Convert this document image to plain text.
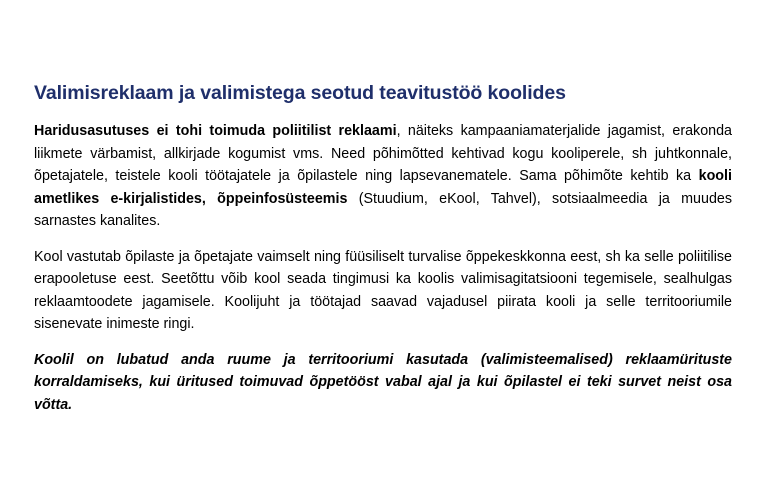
Valimisreklaam ja valimistega seotud teavitustöö koolides

Haridusasutuses ei tohi toimuda poliitilist reklaami, näiteks kampaaniamaterjalide jagamist, erakonda liikmete värbamist, allkirjade kogumist vms. Need põhimõtted kehtivad kogu kooliperele, sh juhtkonnale, õpetajatele, teistele kooli töötajatele ja õpilastele ning lapsevanematele. Sama põhimõte kehtib ka kooli ametlikes e-kirjalistides, õppeinfosüsteemis (Stuudium, eKool, Tahvel), sotsiaalmeedia ja muudes sarnastes kanalites.

Kool vastutab õpilaste ja õpetajate vaimselt ning füüsiliselt turvalise õppekeskkonna eest, sh ka selle poliitilise erapooletuse eest. Seetõttu võib kool seada tingimusi ka koolis valimisagitatsiooni tegemisele, sealhulgas reklaamtoodete jagamisele. Koolijuht ja töötajad saavad vajadusel piirata kooli ja selle territooriumile sisenevate inimeste ringi.

Koolil on lubatud anda ruume ja territooriumi kasutada (valimisteemalised) reklaamürituste korraldamiseks, kui üritused toimuvad õppetööst vabal ajal ja kui õpilastel ei teki survet neist osa võtta.
